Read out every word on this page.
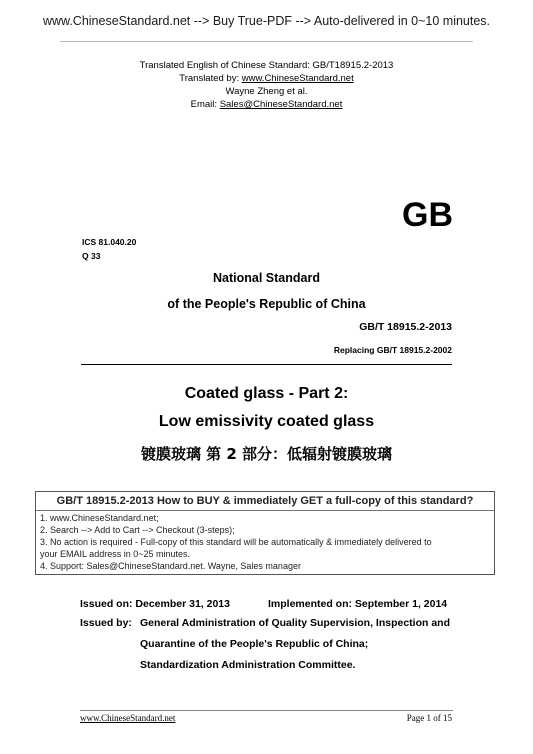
www.ChineseStandard.net --> Buy True-PDF --> Auto-delivered in 0~10 minutes.
Translated English of Chinese Standard: GB/T18915.2-2013
Translated by: www.ChineseStandard.net
Wayne Zheng et al.
Email: Sales@ChineseStandard.net
GB
ICS 81.040.20
Q 33
National Standard
of the People's Republic of China
GB/T 18915.2-2013
Replacing GB/T 18915.2-2002
Coated glass - Part 2:
Low emissivity coated glass
镀膜玻璃 第 2 部分：低辐射镀膜玻璃
GB/T 18915.2-2013 How to BUY & immediately GET a full-copy of this standard?
1. www.ChineseStandard.net;
2. Search --> Add to Cart --> Checkout (3-steps);
3. No action is required - Full-copy of this standard will be automatically & immediately delivered to
your EMAIL address in 0~25 minutes.
4. Support: Sales@ChineseStandard.net. Wayne, Sales manager
Issued on: December 31, 2013	Implemented on: September 1, 2014
Issued by: General Administration of Quality Supervision, Inspection and
Quarantine of the People's Republic of China;
Standardization Administration Committee.
www.ChineseStandard.net	Page 1 of 15
